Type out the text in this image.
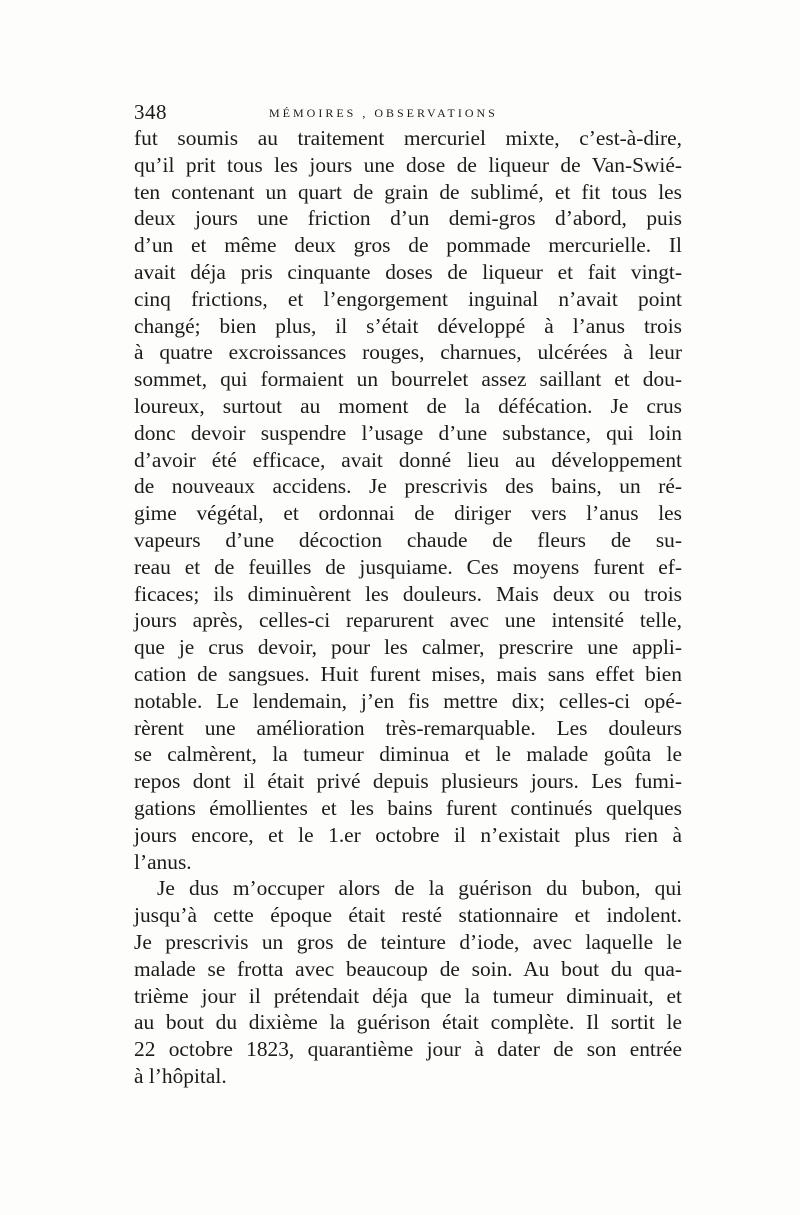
348	MÉMOIRES , OBSERVATIONS
fut soumis au traitement mercuriel mixte, c’est-à-dire,
qu’il prit tous les jours une dose de liqueur de Van-Swié-
ten contenant un quart de grain de sublimé, et fit tous les
deux jours une friction d’un demi-gros d’abord, puis
d’un et même deux gros de pommade mercurielle. Il
avait déja pris cinquante doses de liqueur et fait vingt-
cinq frictions, et l’engorgement inguinal n’avait point
changé; bien plus, il s’était développé à l’anus trois
à quatre excroissances rouges, charnues, ulcérées à leur
sommet, qui formaient un bourrelet assez saillant et dou-
loureux, surtout au moment de la défécation. Je crus
donc devoir suspendre l’usage d’une substance, qui loin
d’avoir été efficace, avait donné lieu au développement
de nouveaux accidens. Je prescrivis des bains, un ré-
gime végétal, et ordonnai de diriger vers l’anus les
vapeurs d’une décoction chaude de fleurs de su-
reau et de feuilles de jusquiame. Ces moyens furent ef-
ficaces; ils diminuèrent les douleurs. Mais deux ou trois
jours après, celles-ci reparurent avec une intensité telle,
que je crus devoir, pour les calmer, prescrire une appli-
cation de sangsues. Huit furent mises, mais sans effet bien
notable. Le lendemain, j’en fis mettre dix; celles-ci opé-
rèrent une amélioration très-remarquable. Les douleurs
se calmèrent, la tumeur diminua et le malade goûta le
repos dont il était privé depuis plusieurs jours. Les fumi-
gations émollientes et les bains furent continués quelques
jours encore, et le 1.er octobre il n’existait plus rien à
l’anus.
Je dus m’occuper alors de la guérison du bubon, qui
jusqu’à cette époque était resté stationnaire et indolent.
Je prescrivis un gros de teinture d’iode, avec laquelle le
malade se frotta avec beaucoup de soin. Au bout du qua-
trième jour il prétendait déja que la tumeur diminuait, et
au bout du dixième la guérison était complète. Il sortit le
22 octobre 1823, quarantième jour à dater de son entrée
à l’hôpital.
